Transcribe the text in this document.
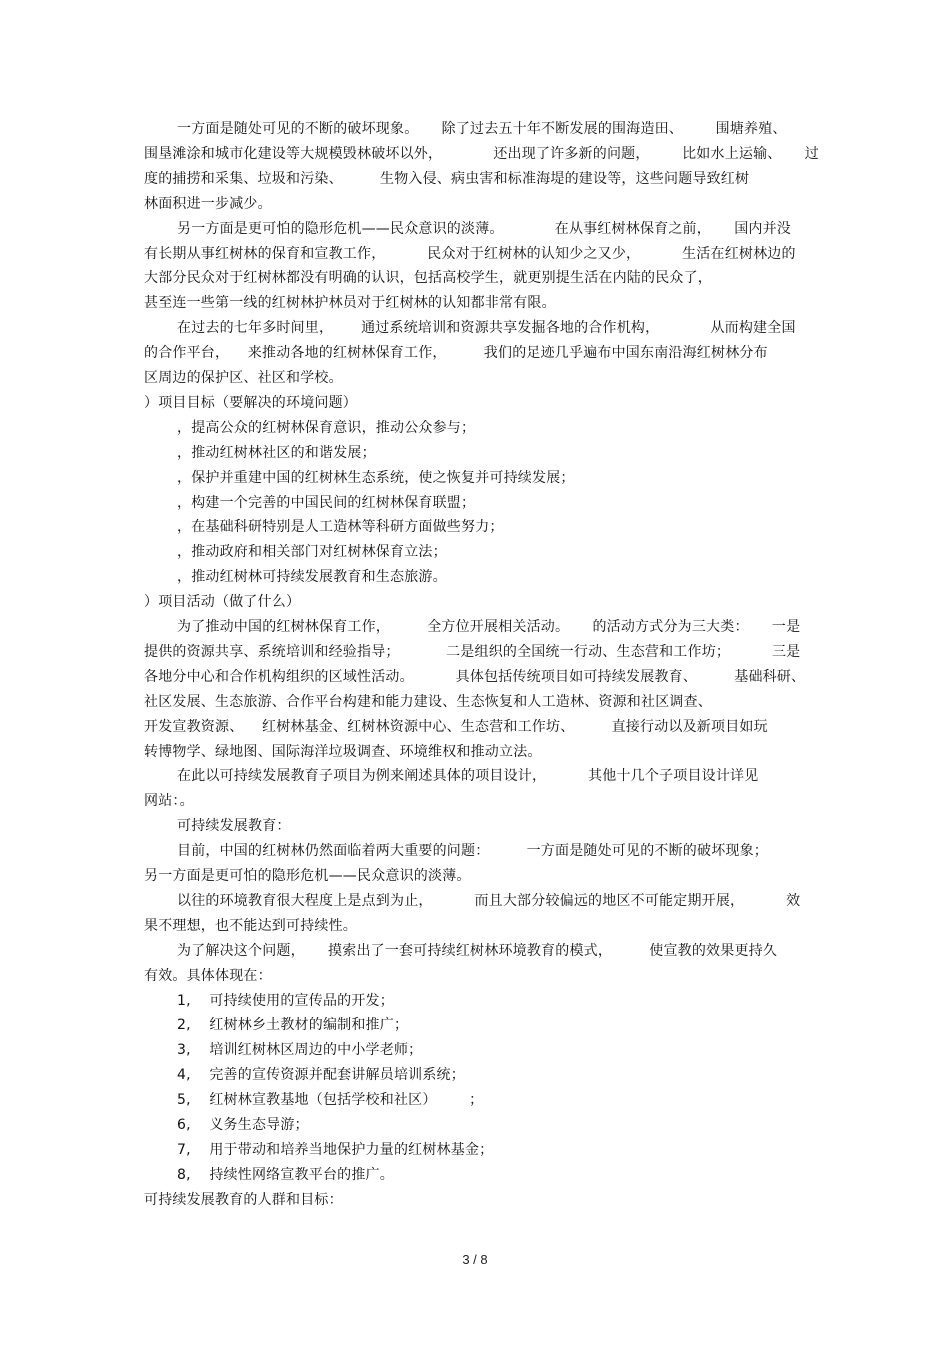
一方面是随处可见的不断的破坏现象。     除了过去五十年不断发展的围海造田、       围塘养殖、
围垦滩涂和城市化建设等大规模毁林破坏以外，           还出现了许多新的问题，       比如水上运输、     过
度的捕捞和采集、垃圾和污染、        生物入侵、病虫害和标准海堤的建设等，这些问题导致红树
林面积进一步减少。
另一方面是更可怕的隐形危机——民众意识的淡薄。           在从事红树林保育之前，     国内并没
有长期从事红树林的保育和宣教工作，         民众对于红树林的认知少之又少，         生活在红树林边的
大部分民众对于红树林都没有明确的认识，包括高校学生，就更别提生活在内陆的民众了，
甚至连一些第一线的红树林护林员对于红树林的认知都非常有限。
在过去的七年多时间里，      通过系统培训和资源共享发掘各地的合作机构，           从而构建全国
的合作平台，    来推动各地的红树林保育工作，        我们的足迹几乎遍布中国东南沿海红树林分布
区周边的保护区、社区和学校。
）项目目标（要解决的环境问题）
，提高公众的红树林保育意识，推动公众参与；
，推动红树林社区的和谐发展；
，保护并重建中国的红树林生态系统，使之恢复并可持续发展；
，构建一个完善的中国民间的红树林保育联盟；
，在基础科研特别是人工造林等科研方面做些努力；
，推动政府和相关部门对红树林保育立法；
，推动红树林可持续发展教育和生态旅游。
）项目活动（做了什么）
为了推动中国的红树林保育工作，        全方位开展相关活动。     的活动方式分为三大类：     一是
提供的资源共享、系统培训和经验指导；          二是组织的全国统一行动、生态营和工作坊；         三是
各地分中心和合作机构组织的区域性活动。         具体包括传统项目如可持续发展教育、        基础科研、
社区发展、生态旅游、合作平台构建和能力建设、生态恢复和人工造林、资源和社区调查、
开发宣教资源、    红树林基金、红树林资源中心、生态营和工作坊、        直接行动以及新项目如玩
转博物学、绿地图、国际海洋垃圾调查、环境维权和推动立法。
在此以可持续发展教育子项目为例来阐述具体的项目设计，         其他十几个子项目设计详见
网站：。
可持续发展教育：
目前，中国的红树林仍然面临着两大重要的问题：        一方面是随处可见的不断的破坏现象；
另一方面是更可怕的隐形危机——民众意识的淡薄。
以往的环境教育很大程度上是点到为止，         而且大部分较偏远的地区不可能定期开展，         效
果不理想，也不能达到可持续性。
为了解决这个问题，     摸索出了一套可持续红树林环境教育的模式，        使宣教的效果更持久
有效。具体体现在：
1,    可持续使用的宣传品的开发；
2,    红树林乡土教材的编制和推广；
3,    培训红树林区周边的中小学老师；
4,    完善的宣传资源并配套讲解员培训系统；
5,    红树林宣教基地（包括学校和社区）       ；
6,    义务生态导游；
7,    用于带动和培养当地保护力量的红树林基金；
8,    持续性网络宣教平台的推广。
可持续发展教育的人群和目标：
3 / 8
